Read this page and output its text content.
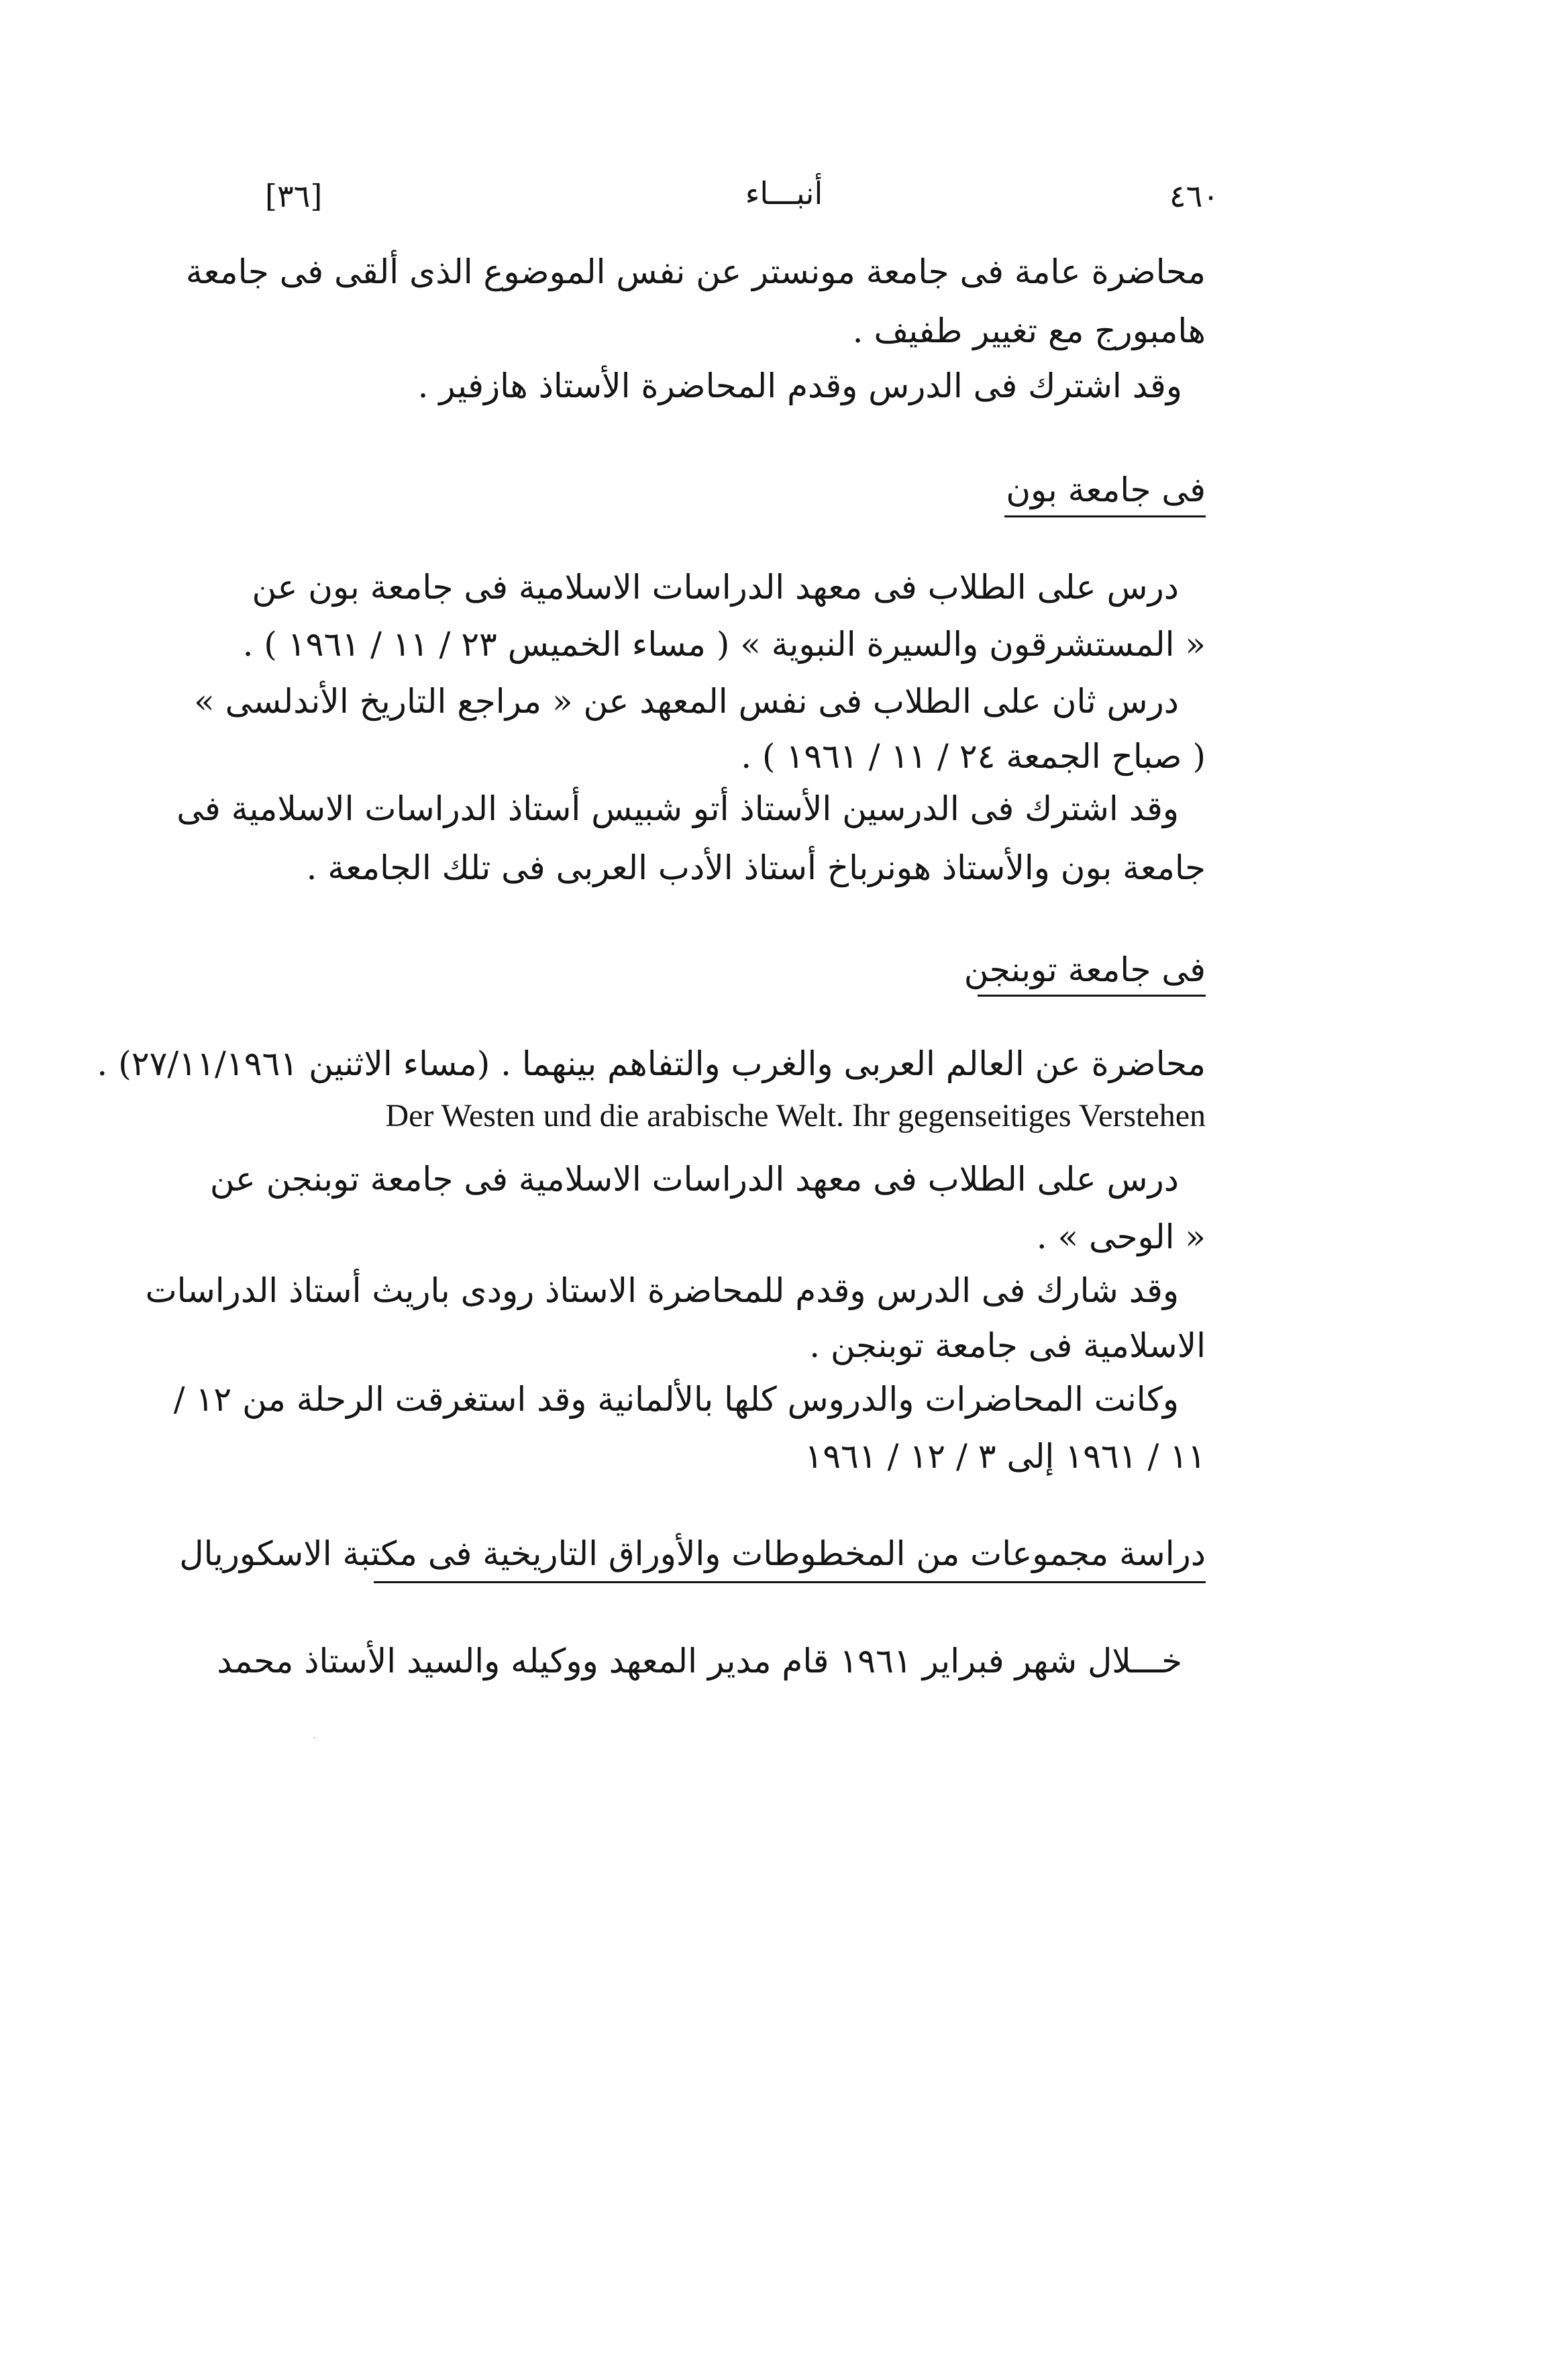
٤٦٠
أنبـــاء
[٣٦]
محاضرة عامة فى جامعة مونستر عن نفس الموضوع الذى ألقى فى جامعة
هامبورج مع تغيير طفيف .
وقد اشترك فى الدرس وقدم المحاضرة الأستاذ هازفير .
فى جامعة بون
درس على الطلاب فى معهد الدراسات الاسلامية فى جامعة بون عن
« المستشرقون والسيرة النبوية » ( مساء الخميس ٢٣ / ١١ / ١٩٦١ ) .
درس ثان على الطلاب فى نفس المعهد عن « مراجع التاريخ الأندلسى »
( صباح الجمعة ٢٤ / ١١ / ١٩٦١ ) .
وقد اشترك فى الدرسين الأستاذ أتو شبيس أستاذ الدراسات الاسلامية فى
جامعة بون والأستاذ هونرباخ أستاذ الأدب العربى فى تلك الجامعة .
فى جامعة توبنجن
محاضرة عن العالم العربى والغرب والتفاهم بينهما . (مساء الاثنين ٢٧/١١/١٩٦١) .
Der Westen und die arabische Welt. Ihr gegenseitiges Verstehen
درس على الطلاب فى معهد الدراسات الاسلامية فى جامعة توبنجن عن
« الوحى » .
وقد شارك فى الدرس وقدم للمحاضرة الاستاذ رودى باريث أستاذ الدراسات
الاسلامية فى جامعة توبنجن .
وكانت المحاضرات والدروس كلها بالألمانية وقد استغرقت الرحلة من ١٢ /
١١ / ١٩٦١ إلى ٣ / ١٢ / ١٩٦١
دراسة مجموعات من المخطوطات والأوراق التاريخية فى مكتبة الاسكوريال
خـــلال شهر فبراير ١٩٦١ قام مدير المعهد ووكيله والسيد الأستاذ محمد
